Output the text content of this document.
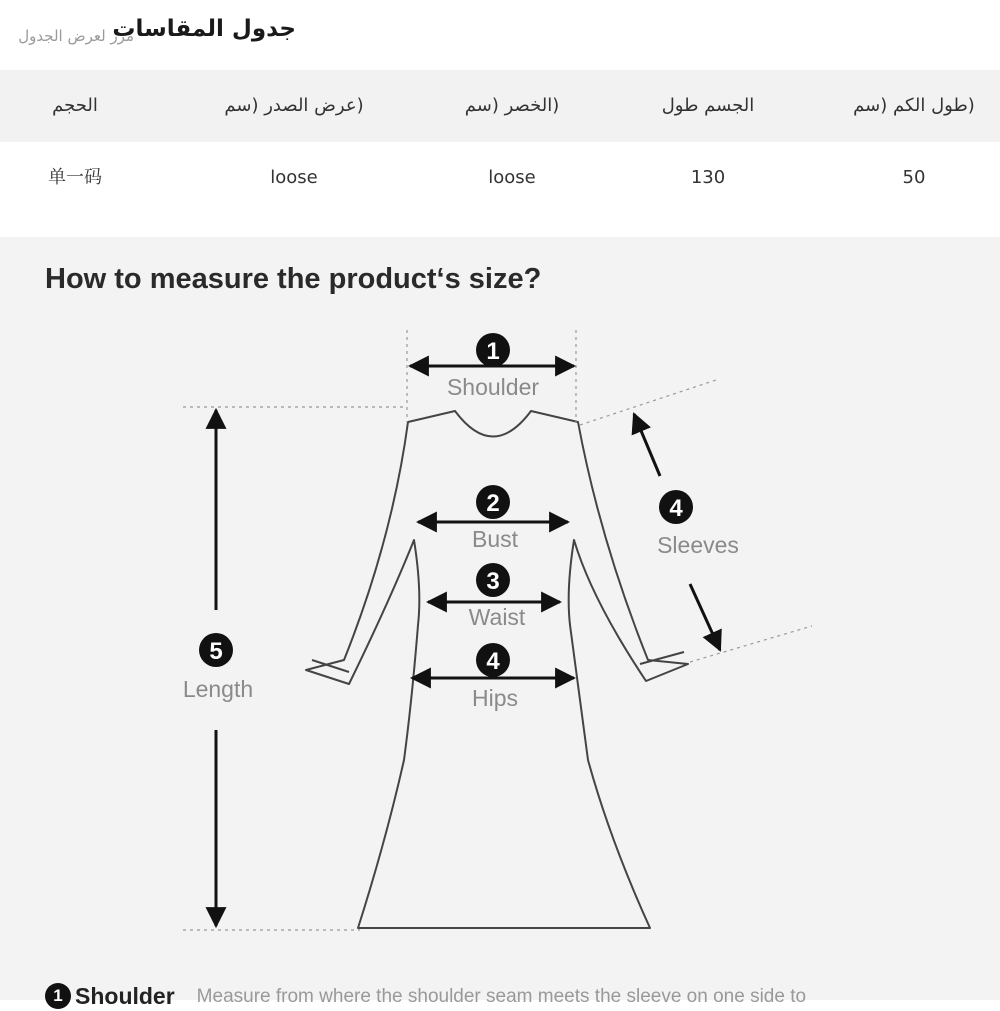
جدول المقاسات
مرر لعرض الجدول
الحجم	(عرض الصدر (سم	(الخصر (سم	الجسم طول	(طول الكم (سم
单一码	loose	loose	130	50
How to measure the product‘s size?
1
Shoulder
2
Bust
3
Waist
4
Hips
4
Sleeves
5
Length
1 Shoulder Measure from where the shoulder seam meets the sleeve on one side to
